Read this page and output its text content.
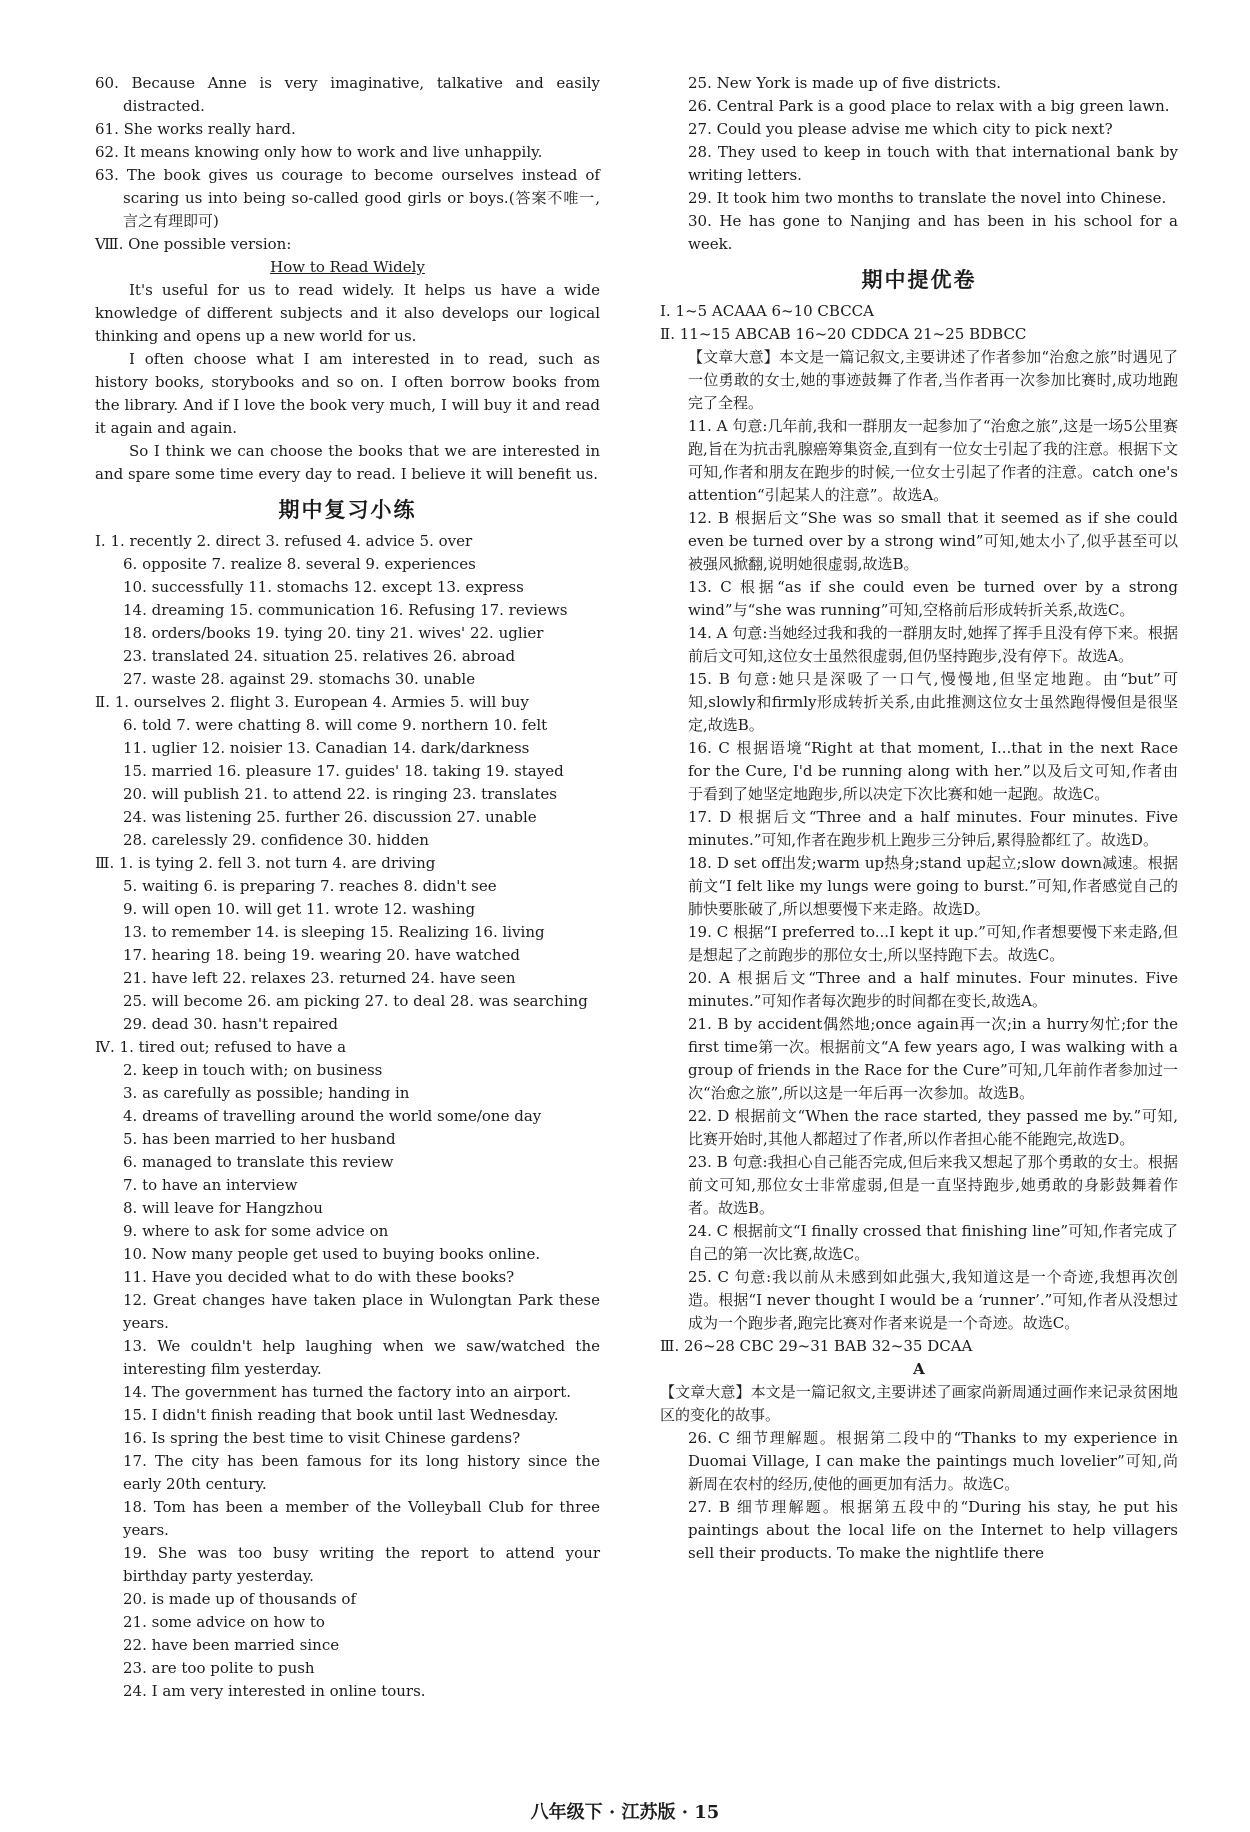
60. Because Anne is very imaginative, talkative and easily distracted.
61. She works really hard.
62. It means knowing only how to work and live unhappily.
63. The book gives us courage to become ourselves instead of scaring us into being so-called good girls or boys.(答案不唯一,言之有理即可)
Ⅷ. One possible version:
How to Read Widely
It's useful for us to read widely. It helps us have a wide knowledge of different subjects and it also develops our logical thinking and opens up a new world for us.
I often choose what I am interested in to read, such as history books, storybooks and so on. I often borrow books from the library. And if I love the book very much, I will buy it and read it again and again.
So I think we can choose the books that we are interested in and spare some time every day to read. I believe it will benefit us.
期中复习小练
Ⅰ. 1. recently 2. direct 3. refused 4. advice 5. over
6. opposite 7. realize 8. several 9. experiences
10. successfully 11. stomachs 12. except 13. express
14. dreaming 15. communication 16. Refusing 17. reviews
18. orders/books 19. tying 20. tiny 21. wives' 22. uglier
23. translated 24. situation 25. relatives 26. abroad
27. waste 28. against 29. stomachs 30. unable
Ⅱ. 1. ourselves 2. flight 3. European 4. Armies 5. will buy
6. told 7. were chatting 8. will come 9. northern 10. felt
11. uglier 12. noisier 13. Canadian 14. dark/darkness
15. married 16. pleasure 17. guides' 18. taking 19. stayed
20. will publish 21. to attend 22. is ringing 23. translates
24. was listening 25. further 26. discussion 27. unable
28. carelessly 29. confidence 30. hidden
Ⅲ. 1. is tying 2. fell 3. not turn 4. are driving
5. waiting 6. is preparing 7. reaches 8. didn't see
9. will open 10. will get 11. wrote 12. washing
13. to remember 14. is sleeping 15. Realizing 16. living
17. hearing 18. being 19. wearing 20. have watched
21. have left 22. relaxes 23. returned 24. have seen
25. will become 26. am picking 27. to deal 28. was searching
29. dead 30. hasn't repaired
Ⅳ. 1. tired out; refused to have a
2. keep in touch with; on business
3. as carefully as possible; handing in
4. dreams of travelling around the world some/one day
5. has been married to her husband
6. managed to translate this review
7. to have an interview
8. will leave for Hangzhou
9. where to ask for some advice on
10. Now many people get used to buying books online.
11. Have you decided what to do with these books?
12. Great changes have taken place in Wulongtan Park these years.
13. We couldn't help laughing when we saw/watched the interesting film yesterday.
14. The government has turned the factory into an airport.
15. I didn't finish reading that book until last Wednesday.
16. Is spring the best time to visit Chinese gardens?
17. The city has been famous for its long history since the early 20th century.
18. Tom has been a member of the Volleyball Club for three years.
19. She was too busy writing the report to attend your birthday party yesterday.
20. is made up of thousands of
21. some advice on how to
22. have been married since
23. are too polite to push
24. I am very interested in online tours.
25. New York is made up of five districts.
26. Central Park is a good place to relax with a big green lawn.
27. Could you please advise me which city to pick next?
28. They used to keep in touch with that international bank by writing letters.
29. It took him two months to translate the novel into Chinese.
30. He has gone to Nanjing and has been in his school for a week.
期中提优卷
Ⅰ. 1~5 ACAAA 6~10 CBCCA
Ⅱ. 11~15 ABCAB 16~20 CDDCA 21~25 BDBCC
【文章大意】本文是一篇记叙文,主要讲述了作者参加“治愈之旅”时遇见了一位勇敢的女士,她的事迹鼓舞了作者,当作者再一次参加比赛时,成功地跑完了全程。
11. A 句意:几年前,我和一群朋友一起参加了“治愈之旅”,这是一场5公里赛跑,旨在为抗击乳腺癌筹集资金,直到有一位女士引起了我的注意。根据下文可知,作者和朋友在跑步的时候,一位女士引起了作者的注意。catch one's attention“引起某人的注意”。故选A。
12. B 根据后文“She was so small that it seemed as if she could even be turned over by a strong wind”可知,她太小了,似乎甚至可以被强风掀翻,说明她很虚弱,故选B。
13. C 根据“as if she could even be turned over by a strong wind”与“she was running”可知,空格前后形成转折关系,故选C。
14. A 句意:当她经过我和我的一群朋友时,她挥了挥手且没有停下来。根据前后文可知,这位女士虽然很虚弱,但仍坚持跑步,没有停下。故选A。
15. B 句意:她只是深吸了一口气,慢慢地,但坚定地跑。由“but”可知,slowly和firmly形成转折关系,由此推测这位女士虽然跑得慢但是很坚定,故选B。
16. C 根据语境“Right at that moment, I...that in the next Race for the Cure, I'd be running along with her.”以及后文可知,作者由于看到了她坚定地跑步,所以决定下次比赛和她一起跑。故选C。
17. D 根据后文“Three and a half minutes. Four minutes. Five minutes.”可知,作者在跑步机上跑步三分钟后,累得脸都红了。故选D。
18. D set off出发;warm up热身;stand up起立;slow down减速。根据前文“I felt like my lungs were going to burst.”可知,作者感觉自己的肺快要胀破了,所以想要慢下来走路。故选D。
19. C 根据“I preferred to...I kept it up.”可知,作者想要慢下来走路,但是想起了之前跑步的那位女士,所以坚持跑下去。故选C。
20. A 根据后文“Three and a half minutes. Four minutes. Five minutes.”可知作者每次跑步的时间都在变长,故选A。
21. B by accident偶然地;once again再一次;in a hurry匆忙;for the first time第一次。根据前文“A few years ago, I was walking with a group of friends in the Race for the Cure”可知,几年前作者参加过一次“治愈之旅”,所以这是一年后再一次参加。故选B。
22. D 根据前文“When the race started, they passed me by.”可知,比赛开始时,其他人都超过了作者,所以作者担心能不能跑完,故选D。
23. B 句意:我担心自己能否完成,但后来我又想起了那个勇敢的女士。根据前文可知,那位女士非常虚弱,但是一直坚持跑步,她勇敢的身影鼓舞着作者。故选B。
24. C 根据前文“I finally crossed that finishing line”可知,作者完成了自己的第一次比赛,故选C。
25. C 句意:我以前从未感到如此强大,我知道这是一个奇迹,我想再次创造。根据“I never thought I would be a ‘runner’.”可知,作者从没想过成为一个跑步者,跑完比赛对作者来说是一个奇迹。故选C。
Ⅲ. 26~28 CBC 29~31 BAB 32~35 DCAA
A
【文章大意】本文是一篇记叙文,主要讲述了画家尚新周通过画作来记录贫困地区的变化的故事。
26. C 细节理解题。根据第二段中的“Thanks to my experience in Duomai Village, I can make the paintings much lovelier”可知,尚新周在农村的经历,使他的画更加有活力。故选C。
27. B 细节理解题。根据第五段中的“During his stay, he put his paintings about the local life on the Internet to help villagers sell their products. To make the nightlife there
八年级下 · 江苏版 · 15
